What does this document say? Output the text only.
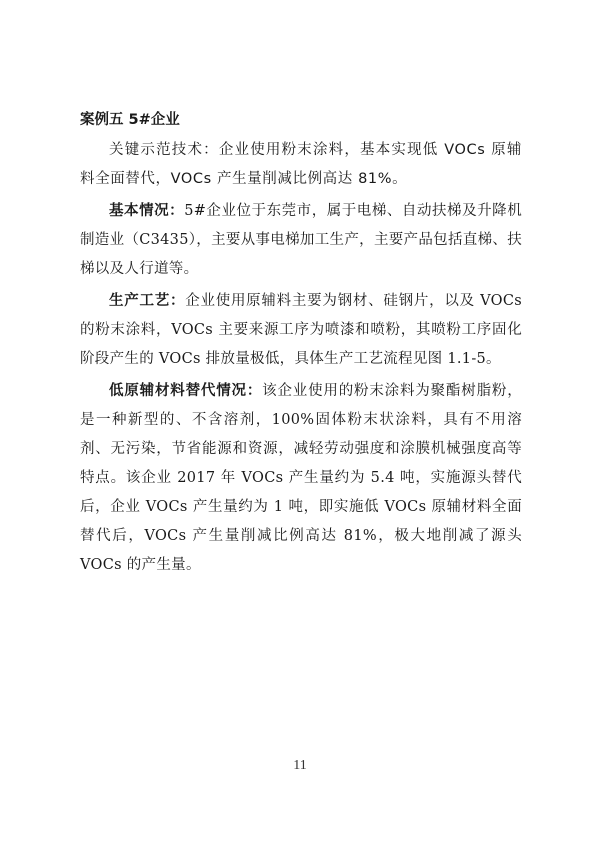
案例五 5#企业

关键示范技术：企业使用粉末涂料，基本实现低 VOCs 原辅料全面替代，VOCs 产生量削减比例高达 81%。

基本情况：5#企业位于东莞市，属于电梯、自动扶梯及升降机制造业（C3435），主要从事电梯加工生产，主要产品包括直梯、扶梯以及人行道等。

生产工艺：企业使用原辅料主要为钢材、硅钢片，以及 VOCs 的粉末涂料，VOCs 主要来源工序为喷漆和喷粉，其喷粉工序固化阶段产生的 VOCs 排放量极低，具体生产工艺流程见图 1.1-5。

低原辅材料替代情况：该企业使用的粉末涂料为聚酯树脂粉，是一种新型的、不含溶剂，100%固体粉末状涂料，具有不用溶剂、无污染，节省能源和资源，减轻劳动强度和涂膜机械强度高等特点。该企业 2017 年 VOCs 产生量约为 5.4 吨，实施源头替代后，企业 VOCs 产生量约为 1 吨，即实施低 VOCs 原辅材料全面替代后，VOCs 产生量削减比例高达 81%，极大地削减了源头 VOCs 的产生量。

11
